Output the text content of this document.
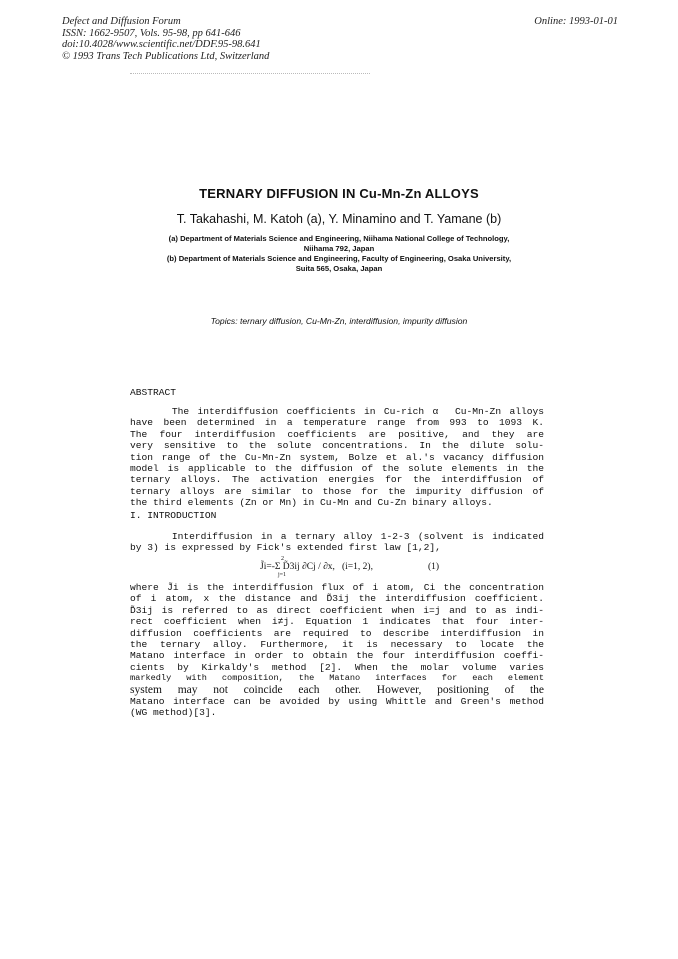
Defect and Diffusion Forum
ISSN: 1662-9507, Vols. 95-98, pp 641-646
doi:10.4028/www.scientific.net/DDF.95-98.641
© 1993 Trans Tech Publications Ltd, Switzerland
Online: 1993-01-01
TERNARY DIFFUSION IN Cu-Mn-Zn ALLOYS
T. Takahashi, M. Katoh (a), Y. Minamino and T. Yamane (b)
(a) Department of Materials Science and Engineering, Niihama National College of Technology,
Niihama 792, Japan
(b) Department of Materials Science and Engineering, Faculty of Engineering, Osaka University,
Suita 565, Osaka, Japan
Topics: ternary diffusion, Cu-Mn-Zn, interdiffusion, impurity diffusion
ABSTRACT
The interdiffusion coefficients in Cu-rich α  Cu-Mn-Zn alloys
have been determined in a temperature range from 993 to 1093 K.
The four interdiffusion coefficients are positive, and they are
very sensitive to the solute concentrations. In the dilute solu-
tion range of the Cu-Mn-Zn system, Bolze et al.'s vacancy diffusion
model is applicable to the diffusion of the solute elements in the
ternary alloys. The activation energies for the interdiffusion of
ternary alloys are similar to those for the impurity diffusion of
the third elements (Zn or Mn) in Cu-Mn and Cu-Zn binary alloys.
I. INTRODUCTION
Interdiffusion in a ternary alloy 1-2-3 (solvent is indicated
by 3) is expressed by Fick's extended first law [1,2],
2
J̃i=-Σ D̃3ij ∂Cj / ∂x,
j=1
(i=1, 2),	(1)
where J̃i is the interdiffusion flux of i atom, Ci the concentration
of i atom, x the distance and D̃3ij the interdiffusion coefficient.
D̃3ij is referred to as direct coefficient when i=j and to as indi-
rect coefficient when i≠j. Equation 1 indicates that four inter-
diffusion coefficients are required to describe interdiffusion in
the ternary alloy. Furthermore, it is necessary to locate the
Matano interface in order to obtain the four interdiffusion coeffi-
cients by Kirkaldy's method [2]. When the molar volume varies
markedly with composition, the Matano interfaces for each element
system may not coincide each other. However, positioning of the
Matano interface can be avoided by using Whittle and Green's method
(WG method)[3].
